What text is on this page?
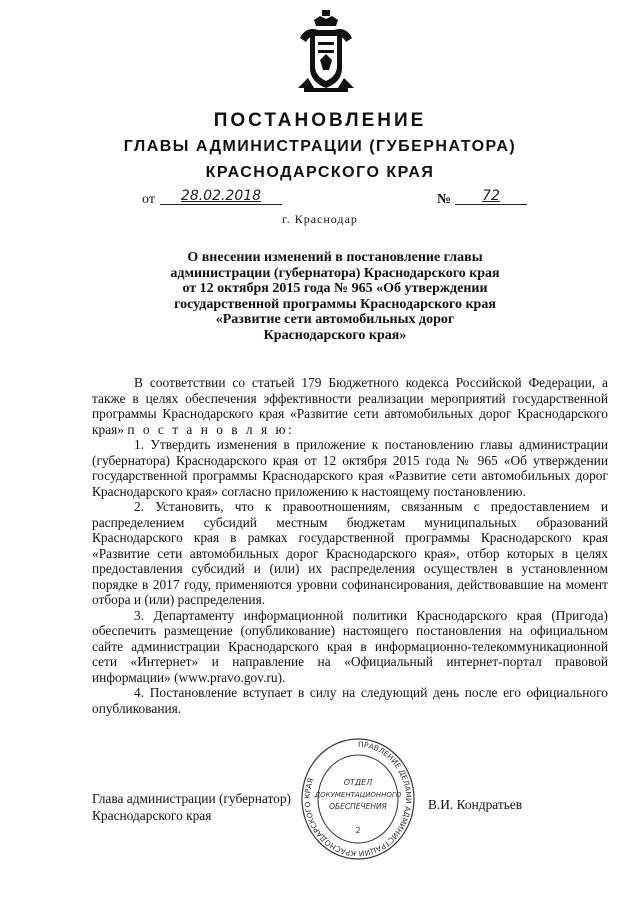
ПОСТАНОВЛЕНИЕ
ГЛАВЫ АДМИНИСТРАЦИИ (ГУБЕРНАТОРА)
КРАСНОДАРСКОГО КРАЯ
от	28.02.2018	№	72
г. Краснодар
О внесении изменений в постановление главы
администрации (губернатора) Краснодарского края
от 12 октября 2015 года № 965 «Об утверждении
государственной программы Краснодарского края
«Развитие сети автомобильных дорог
Краснодарского края»

В соответствии со статьей 179 Бюджетного кодекса Российской Федерации, а также в целях обеспечения эффективности реализации мероприятий государственной программы Краснодарского края «Развитие сети автомобильных дорог Краснодарского края» п о с т а н о в л я ю:

1. Утвердить изменения в приложение к постановлению главы администрации (губернатора) Краснодарского края от 12 октября 2015 года № 965 «Об утверждении государственной программы Краснодарского края «Развитие сети автомобильных дорог Краснодарского края» согласно приложению к настоящему постановлению.

2. Установить, что к правоотношениям, связанным с предоставлением и распределением субсидий местным бюджетам муниципальных образований Краснодарского края в рамках государственной программы Краснодарского края «Развитие сети автомобильных дорог Краснодарского края», отбор которых в целях предоставления субсидий и (или) их распределения осуществлен в установленном порядке в 2017 году, применяются уровни софинансирования, действовавшие на момент отбора и (или) распределения.

3. Департаменту информационной политики Краснодарского края (Пригода) обеспечить размещение (опубликование) настоящего постановления на официальном сайте администрации Краснодарского края в информационно-телекоммуникационной сети «Интернет» и направление на «Официальный интернет-портал правовой информации» (www.pravo.gov.ru).

4. Постановление вступает в силу на следующий день после его официального опубликования.

Глава администрации (губернатор)
Краснодарского края
В.И. Кондратьев
ПРАВЛЕНИЕ ДЕЛАМИ АДМИНИСТРАЦИИ КРАСНОДАРСКОГО КРАЯ	ОТДЕЛ
ДОКУМЕНТАЦИОННОГО
ОБЕСПЕЧЕНИЯ
2
